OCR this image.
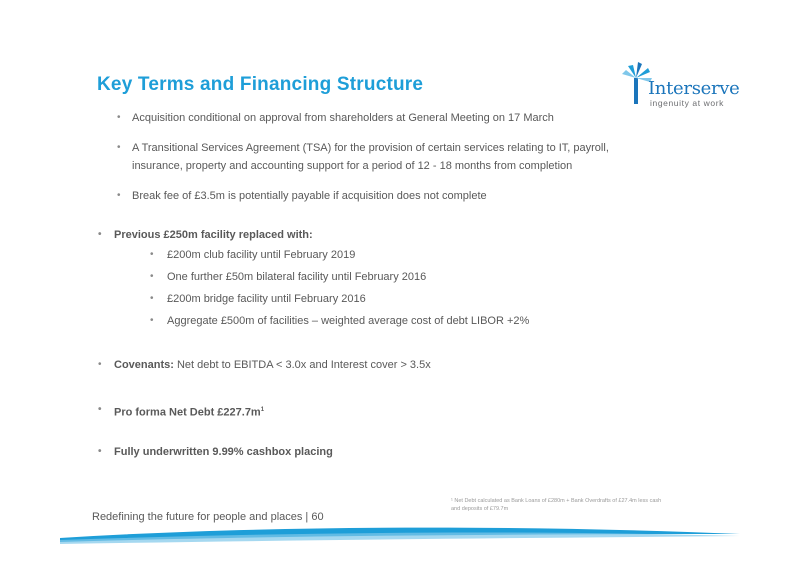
Key Terms and Financing Structure	Interserve
ingenuity at work
• Acquisition conditional on approval from shareholders at General Meeting on 17 March
• A Transitional Services Agreement (TSA) for the provision of certain services relating to IT, payroll,
insurance, property and accounting support for a period of 12 - 18 months from completion
• Break fee of £3.5m is potentially payable if acquisition does not complete
• Previous £250m facility replaced with:
• £200m club facility until February 2019
• One further £50m bilateral facility until February 2016
• £200m bridge facility until February 2016
• Aggregate £500m of facilities – weighted average cost of debt LIBOR +2%
• Covenants: Net debt to EBITDA < 3.0x and Interest cover > 3.5x
• Pro forma Net Debt $£227.7m^1$
• Fully underwritten 9.99% cashbox placing
¹ Net Debt calculated as Bank Loans of £280m + Bank Overdrafts of £27.4m less cash
and deposits of £79.7m
Redefining the future for people and places | 60
